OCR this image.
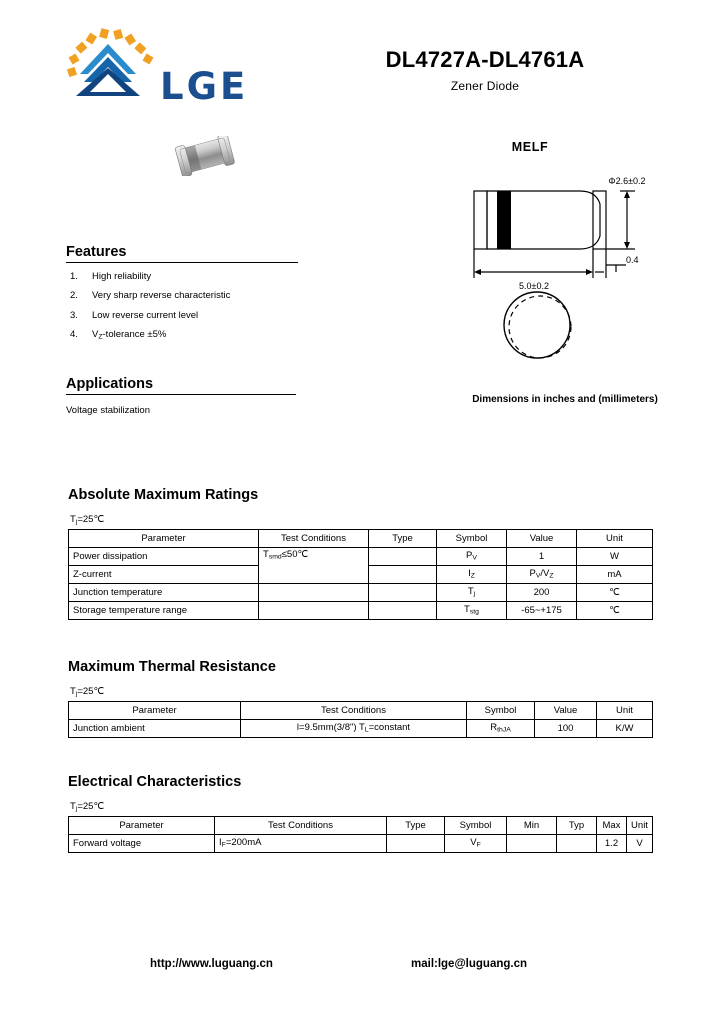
LGE
DL4727A-DL4761A
Zener Diode
Features
1.	High reliability
2.	Very sharp reverse characteristic
3.	Low reverse current level
4.	$V_Z$-tolerance ±5%
Applications
Voltage stabilization
MELF
Φ2.6±0.2
5.0±0.2
0.4
Dimensions in inches and (millimeters)
Absolute Maximum Ratings
$T_j=25℃$
Parameter	Test Conditions	Type	Symbol	Value	Unit
Power dissipation	$T_{smd}\le 50℃$		$P_V$	1	W
Z-current			$I_Z$	$P_V/V_Z$	mA
Junction temperature			$T_j$	200	℃
Storage temperature range			$T_{stg}$	-65~+175	℃
Maximum Thermal Resistance
$T_j=25℃$
Parameter	Test Conditions	Symbol	Value	Unit
Junction ambient	l=9.5mm(3/8") $T_L=constant$	$R_{thJA}$	100	K/W
Electrical Characteristics
$T_j=25℃$
Parameter	Test Conditions	Type	Symbol	Min	Typ	Max	Unit
Forward voltage	$I_F=200mA$		$V_F$			1.2	V
http://www.luguang.cn	mail:lge@luguang.cn
